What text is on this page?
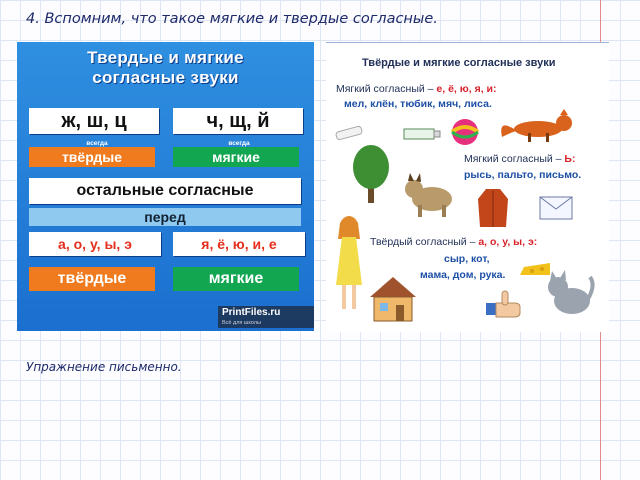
4. Вспомним, что такое мягкие и твердые согласные.
Твердые и мягкие
согласные звуки
ж, ш, ц	ч, щ, й
всегда	всегда
твёрдые	мягкие
остальные согласные
перед
а, о, у, ы, э	я, ё, ю, и, е
твёрдые	мягкие
PrintFiles.ru
Всё для школы
Твёрдые и мягкие согласные звуки
Мягкий согласный – е, ё, ю, я, и:
мел, клён, тюбик, мяч, лиса.
Мягкий согласный – Ь:
рысь, пальто, письмо.
Твёрдый согласный – а, о, у, ы, э:
сыр, кот,
мама, дом, рука.

Упражнение письменно.
